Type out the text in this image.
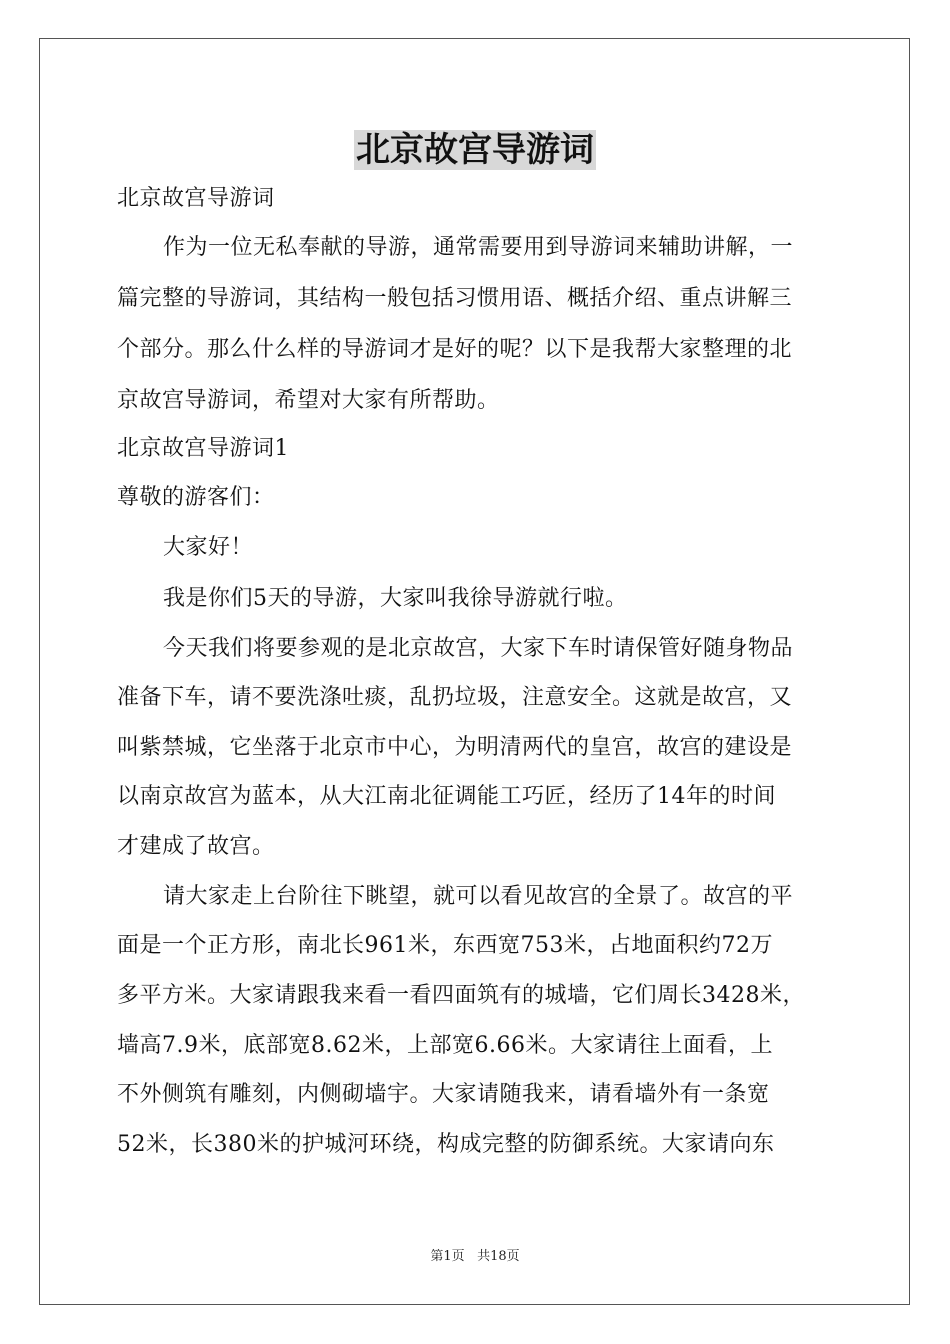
北京故宫导游词

北京故宫导游词

作为一位无私奉献的导游，通常需要用到导游词来辅助讲解，一

篇完整的导游词，其结构一般包括习惯用语、概括介绍、重点讲解三

个部分。那么什么样的导游词才是好的呢？以下是我帮大家整理的北

京故宫导游词，希望对大家有所帮助。

北京故宫导游词1

尊敬的游客们：

大家好！

我是你们5天的导游，大家叫我徐导游就行啦。

今天我们将要参观的是北京故宫，大家下车时请保管好随身物品

准备下车，请不要洗涤吐痰，乱扔垃圾，注意安全。这就是故宫，又

叫紫禁城，它坐落于北京市中心，为明清两代的皇宫，故宫的建设是

以南京故宫为蓝本，从大江南北征调能工巧匠，经历了14年的时间

才建成了故宫。

请大家走上台阶往下眺望，就可以看见故宫的全景了。故宫的平

面是一个正方形，南北长961米，东西宽753米，占地面积约72万

多平方米。大家请跟我来看一看四面筑有的城墙，它们周长3428米，

墙高7.9米，底部宽8.62米，上部宽6.66米。大家请往上面看，上

不外侧筑有雕刻，内侧砌墙宇。大家请随我来，请看墙外有一条宽

52米，长380米的护城河环绕，构成完整的防御系统。大家请向东

第1页 共18页
